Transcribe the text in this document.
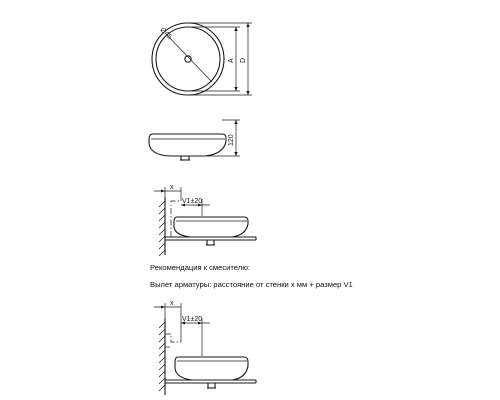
Ø45
A D
120
x
V1±20
x
V1±20
Рекомендация к смесителю:
Вылет арматуры: расстояние от стенки x мм + размер V1
